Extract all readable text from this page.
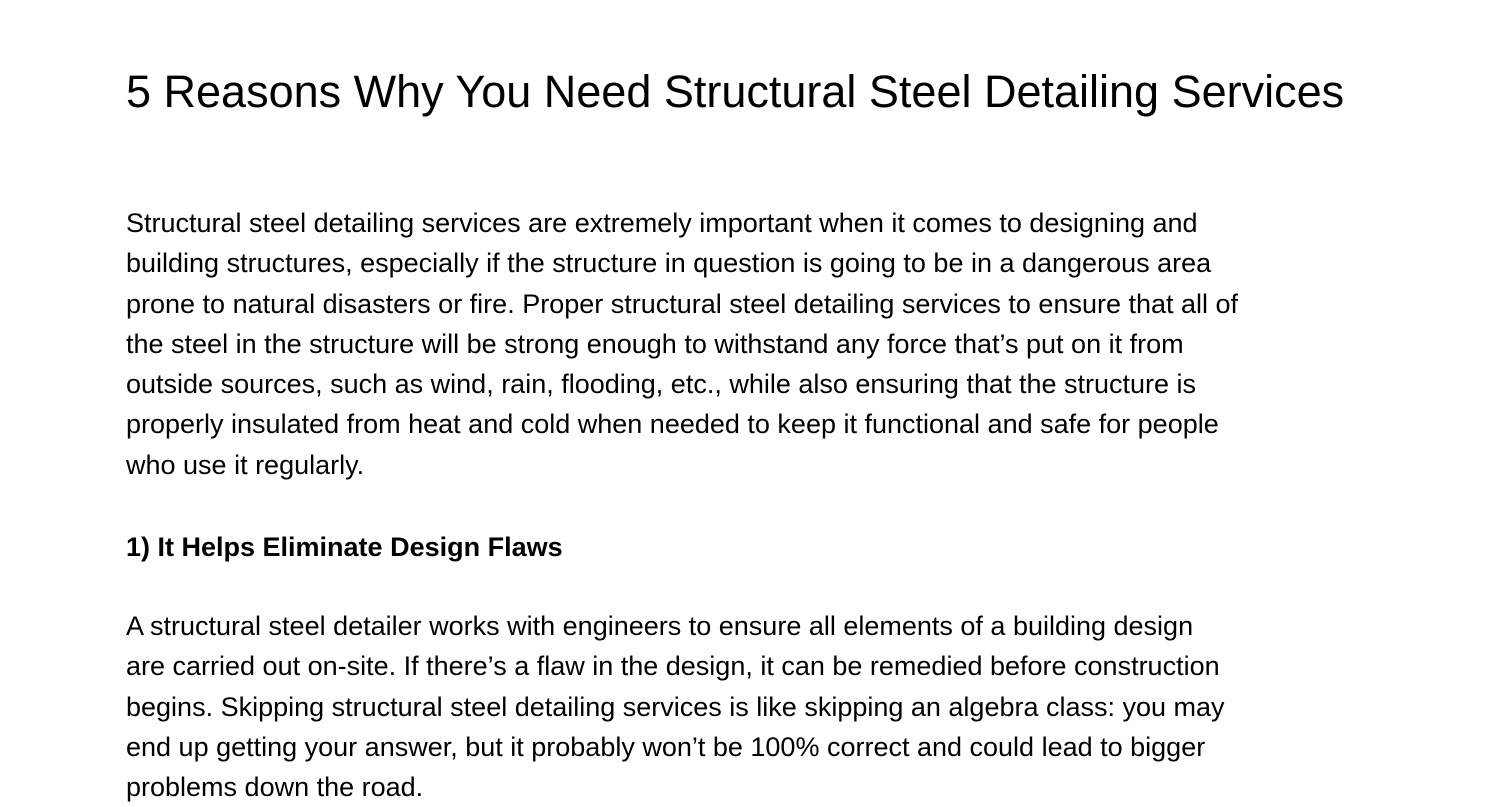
5 Reasons Why You Need Structural Steel Detailing Services

Structural steel detailing services are extremely important when it comes to designing and
building structures, especially if the structure in question is going to be in a dangerous area
prone to natural disasters or fire. Proper structural steel detailing services to ensure that all of
the steel in the structure will be strong enough to withstand any force that’s put on it from
outside sources, such as wind, rain, flooding, etc., while also ensuring that the structure is
properly insulated from heat and cold when needed to keep it functional and safe for people
who use it regularly.

1) It Helps Eliminate Design Flaws

A structural steel detailer works with engineers to ensure all elements of a building design
are carried out on-site. If there’s a flaw in the design, it can be remedied before construction
begins. Skipping structural steel detailing services is like skipping an algebra class: you may
end up getting your answer, but it probably won’t be 100% correct and could lead to bigger
problems down the road.
